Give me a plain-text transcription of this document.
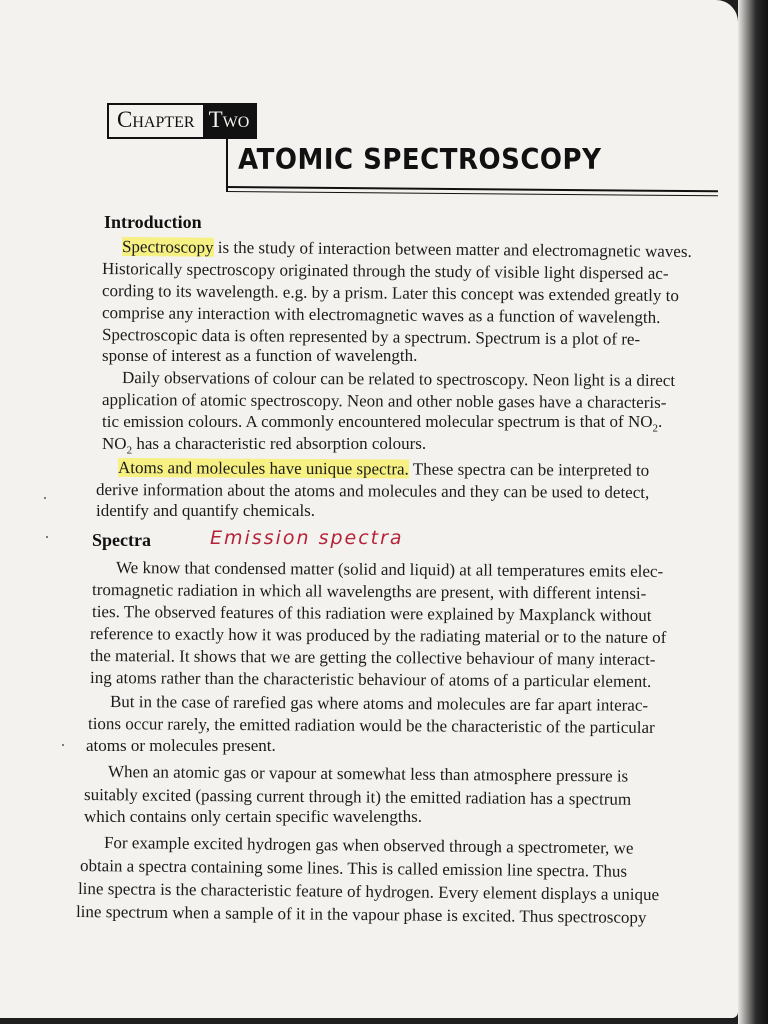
Chapter Two
ATOMIC SPECTROSCOPY
Introduction
Spectroscopy is the study of interaction between matter and electromagnetic waves.
Historically spectroscopy originated through the study of visible light dispersed ac-
cording to its wavelength. e.g. by a prism. Later this concept was extended greatly to
comprise any interaction with electromagnetic waves as a function of wavelength.
Spectroscopic data is often represented by a spectrum. Spectrum is a plot of re-
sponse of interest as a function of wavelength.
Daily observations of colour can be related to spectroscopy. Neon light is a direct
application of atomic spectroscopy. Neon and other noble gases have a characteris-
tic emission colours. A commonly encountered molecular spectrum is that of $NO_2$.
$NO_2$ has a characteristic red absorption colours.
Atoms and molecules have unique spectra. These spectra can be interpreted to
derive information about the atoms and molecules and they can be used to detect,
identify and quantify chemicals.
Spectra	Emission spectra
We know that condensed matter (solid and liquid) at all temperatures emits elec-
tromagnetic radiation in which all wavelengths are present, with different intensi-
ties. The observed features of this radiation were explained by Maxplanck without
reference to exactly how it was produced by the radiating material or to the nature of
the material. It shows that we are getting the collective behaviour of many interact-
ing atoms rather than the characteristic behaviour of atoms of a particular element.
But in the case of rarefied gas where atoms and molecules are far apart interac-
tions occur rarely, the emitted radiation would be the characteristic of the particular
atoms or molecules present.
When an atomic gas or vapour at somewhat less than atmosphere pressure is
suitably excited (passing current through it) the emitted radiation has a spectrum
which contains only certain specific wavelengths.
For example excited hydrogen gas when observed through a spectrometer, we
obtain a spectra containing some lines. This is called emission line spectra. Thus
line spectra is the characteristic feature of hydrogen. Every element displays a unique
line spectrum when a sample of it in the vapour phase is excited. Thus spectroscopy
